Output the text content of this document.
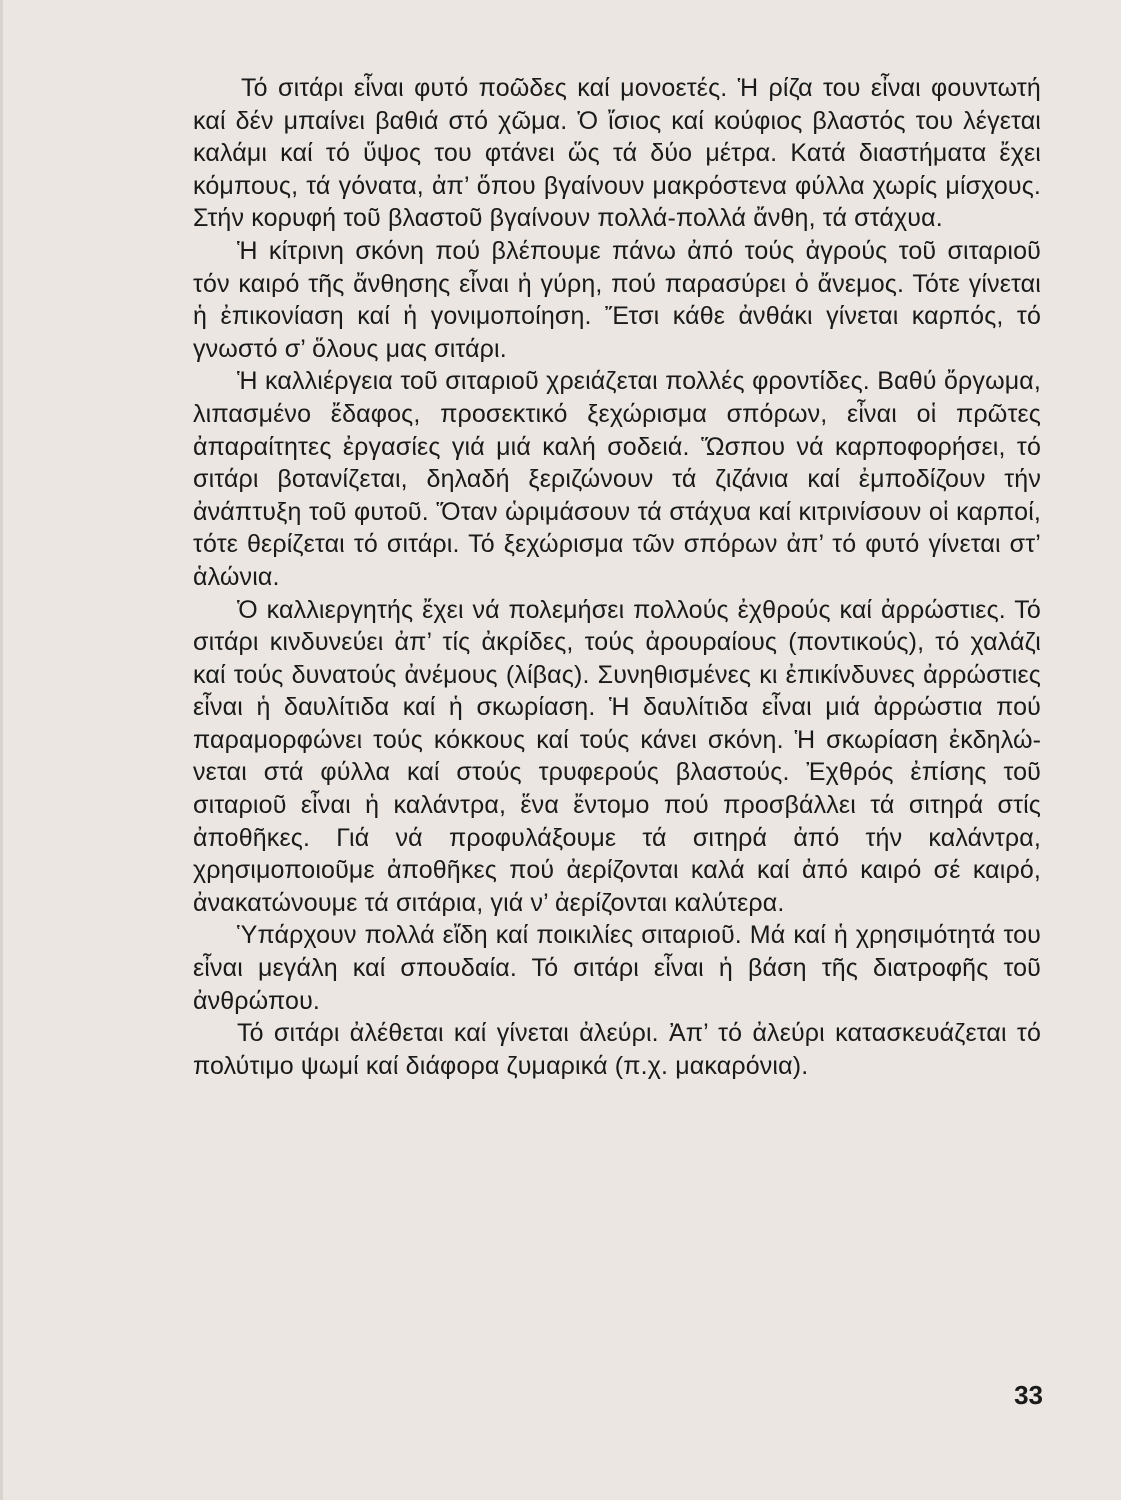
Τό σιτάρι εἶναι φυτό ποῶδες καί μονοετές. Ἡ ρίζα του εἶναι φουντωτή καί δέν μπαίνει βαθιά στό χῶμα. Ὁ ἴσιος καί κούφιος βλαστός του λέγεται καλάμι καί τό ὕψος του φτάνει ὥς τά δύο μέτρα. Κατά διαστήματα ἔχει κόμπους, τά γόνατα, ἀπ’ ὅπου βγαίνουν μακρόστενα φύλλα χωρίς μίσχους. Στήν κορυφή τοῦ βλαστοῦ βγαίνουν πολλά-πολλά ἄνθη, τά στάχυα.

Ἡ κίτρινη σκόνη πού βλέπουμε πάνω ἀπό τούς ἀγρούς τοῦ σιταριοῦ τόν καιρό τῆς ἄνθησης εἶναι ἡ γύρη, πού παρασύρει ὁ ἄνεμος. Τότε γίνεται ἡ ἐπικονίαση καί ἡ γονιμοποίηση. Ἔτσι κάθε ἀνθάκι γίνεται καρπός, τό γνωστό σ’ ὅλους μας σιτάρι.

Ἡ καλλιέργεια τοῦ σιταριοῦ χρειάζεται πολλές φροντίδες. Βαθύ ὄργωμα, λιπασμένο ἔδαφος, προσεκτικό ξεχώρισμα σπόρων, εἶναι οἱ πρῶτες ἀπαραίτητες ἐργασίες γιά μιά καλή σοδειά. Ὥσπου νά καρποφορήσει, τό σιτάρι βοτανίζεται, δηλαδή ξεριζώνουν τά ζιζάνια καί ἐμποδίζουν τήν ἀνάπτυξη τοῦ φυτοῦ. Ὅταν ὡριμάσουν τά στάχυα καί κιτρινίσουν οἱ καρποί, τότε θερίζεται τό σιτάρι. Τό ξεχώρισμα τῶν σπόρων ἀπ’ τό φυτό γίνεται στ’ ἁλώνια.

Ὁ καλλιεργητής ἔχει νά πολεμήσει πολλούς ἐχθρούς καί ἀρρώστιες. Τό σιτάρι κινδυνεύει ἀπ’ τίς ἀκρίδες, τούς ἀρουραίους (ποντικούς), τό χαλάζι καί τούς δυνατούς ἀνέμους (λίβας). Συνηθισμένες κι ἐπικίνδυνες ἀρρώστιες εἶναι ἡ δαυλίτιδα καί ἡ σκωρίαση. Ἡ δαυλίτιδα εἶναι μιά ἀρρώστια πού παραμορφώνει τούς κόκκους καί τούς κάνει σκόνη. Ἡ σκωρίαση ἐκδηλώνεται στά φύλλα καί στούς τρυφερούς βλαστούς. Ἐχθρός ἐπίσης τοῦ σιταριοῦ εἶναι ἡ καλάντρα, ἕνα ἔντομο πού προσβάλλει τά σιτηρά στίς ἀποθῆκες. Γιά νά προφυλάξουμε τά σιτηρά ἀπό τήν καλάντρα, χρησιμοποιοῦμε ἀποθῆκες πού ἀερίζονται καλά καί ἀπό καιρό σέ καιρό, ἀνακατώνουμε τά σιτάρια, γιά ν’ ἀερίζονται καλύτερα.

Ὑπάρχουν πολλά εἴδη καί ποικιλίες σιταριοῦ. Μά καί ἡ χρησιμότητά του εἶναι μεγάλη καί σπουδαία. Τό σιτάρι εἶναι ἡ βάση τῆς διατροφῆς τοῦ ἀνθρώπου.

Τό σιτάρι ἀλέθεται καί γίνεται ἀλεύρι. Ἀπ’ τό ἀλεύρι κατασκευάζεται τό πολύτιμο ψωμί καί διάφορα ζυμαρικά (π.χ. μακαρόνια).

33
